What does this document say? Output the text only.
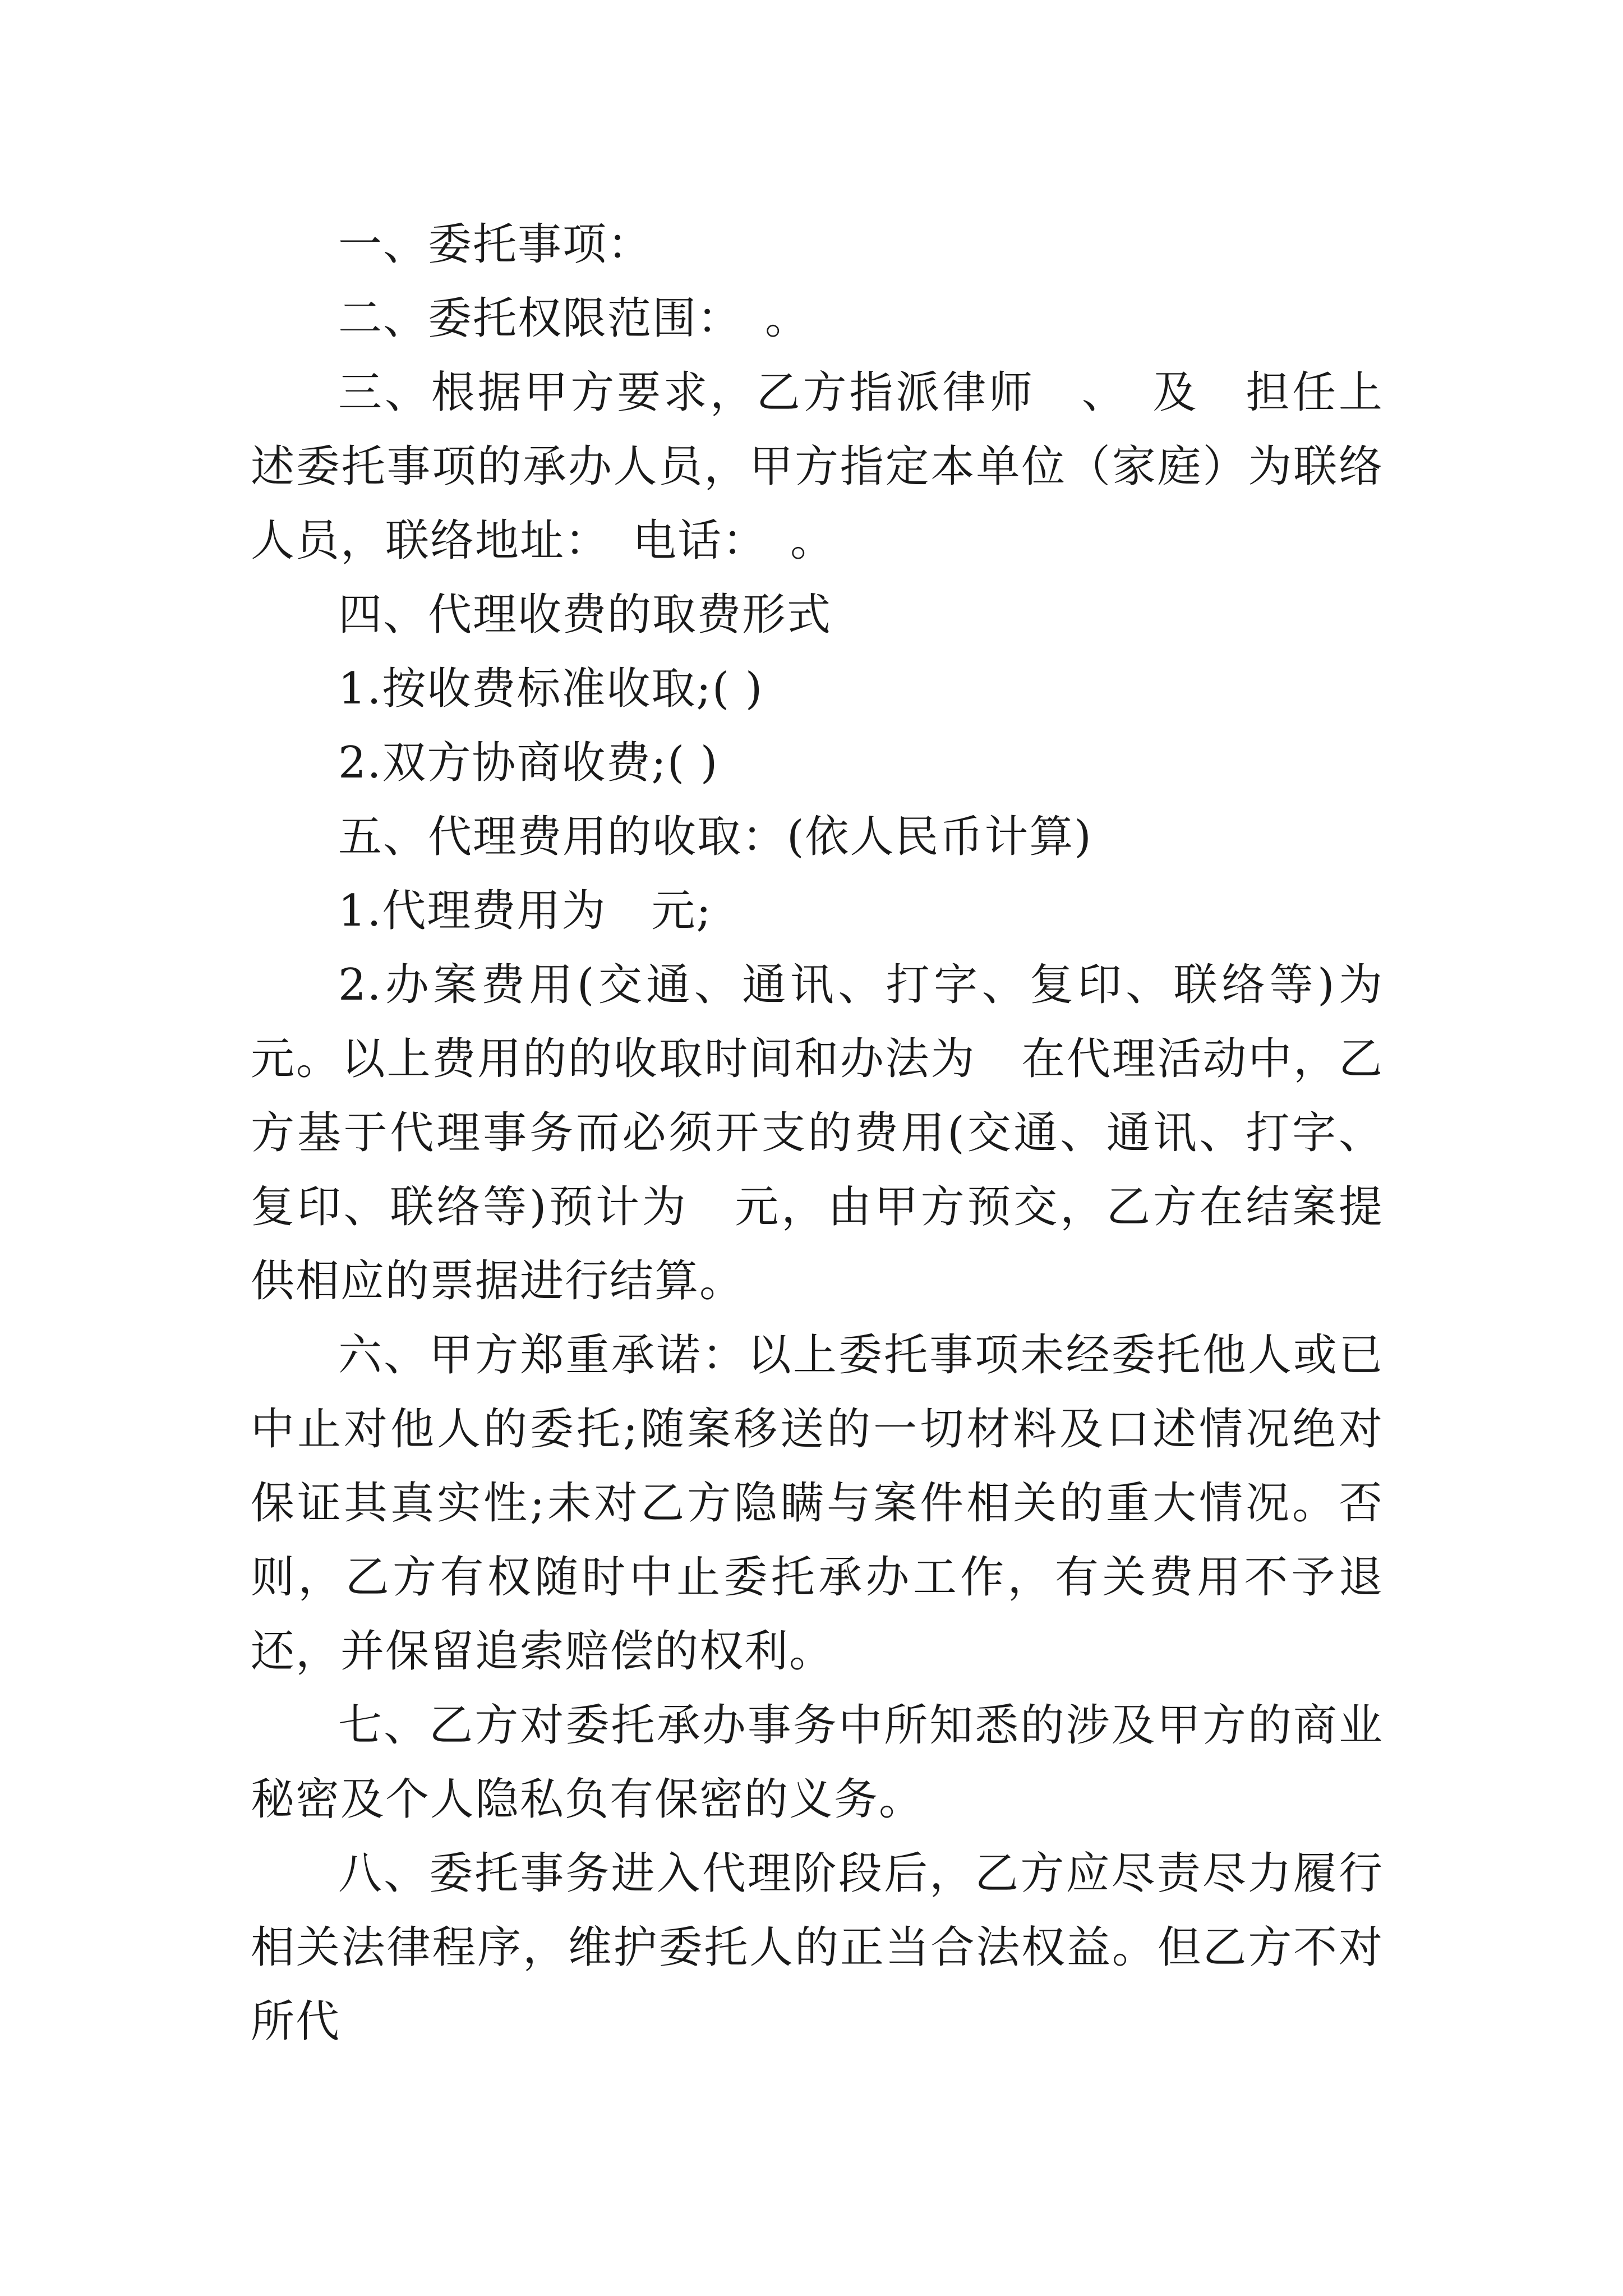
一、委托事项：

二、委托权限范围：　。

三、根据甲方要求，乙方指派律师　、　及　担任上述委托事项的承办人员，甲方指定本单位（家庭）为联络人员，联络地址：　电话：　。

四、代理收费的取费形式

1.按收费标准收取;( )

2.双方协商收费;( )

五、代理费用的收取：(依人民币计算)

1.代理费用为　元;

2.办案费用(交通、通讯、打字、复印、联络等)为　元。以上费用的的收取时间和办法为　在代理活动中，乙方基于代理事务而必须开支的费用(交通、通讯、打字、复印、联络等)预计为　元，由甲方预交，乙方在结案提供相应的票据进行结算。

六、甲方郑重承诺：以上委托事项未经委托他人或已中止对他人的委托;随案移送的一切材料及口述情况绝对保证其真实性;未对乙方隐瞒与案件相关的重大情况。否则，乙方有权随时中止委托承办工作，有关费用不予退还，并保留追索赔偿的权利。

七、乙方对委托承办事务中所知悉的涉及甲方的商业秘密及个人隐私负有保密的义务。

八、委托事务进入代理阶段后，乙方应尽责尽力履行相关法律程序，维护委托人的正当合法权益。但乙方不对所代
